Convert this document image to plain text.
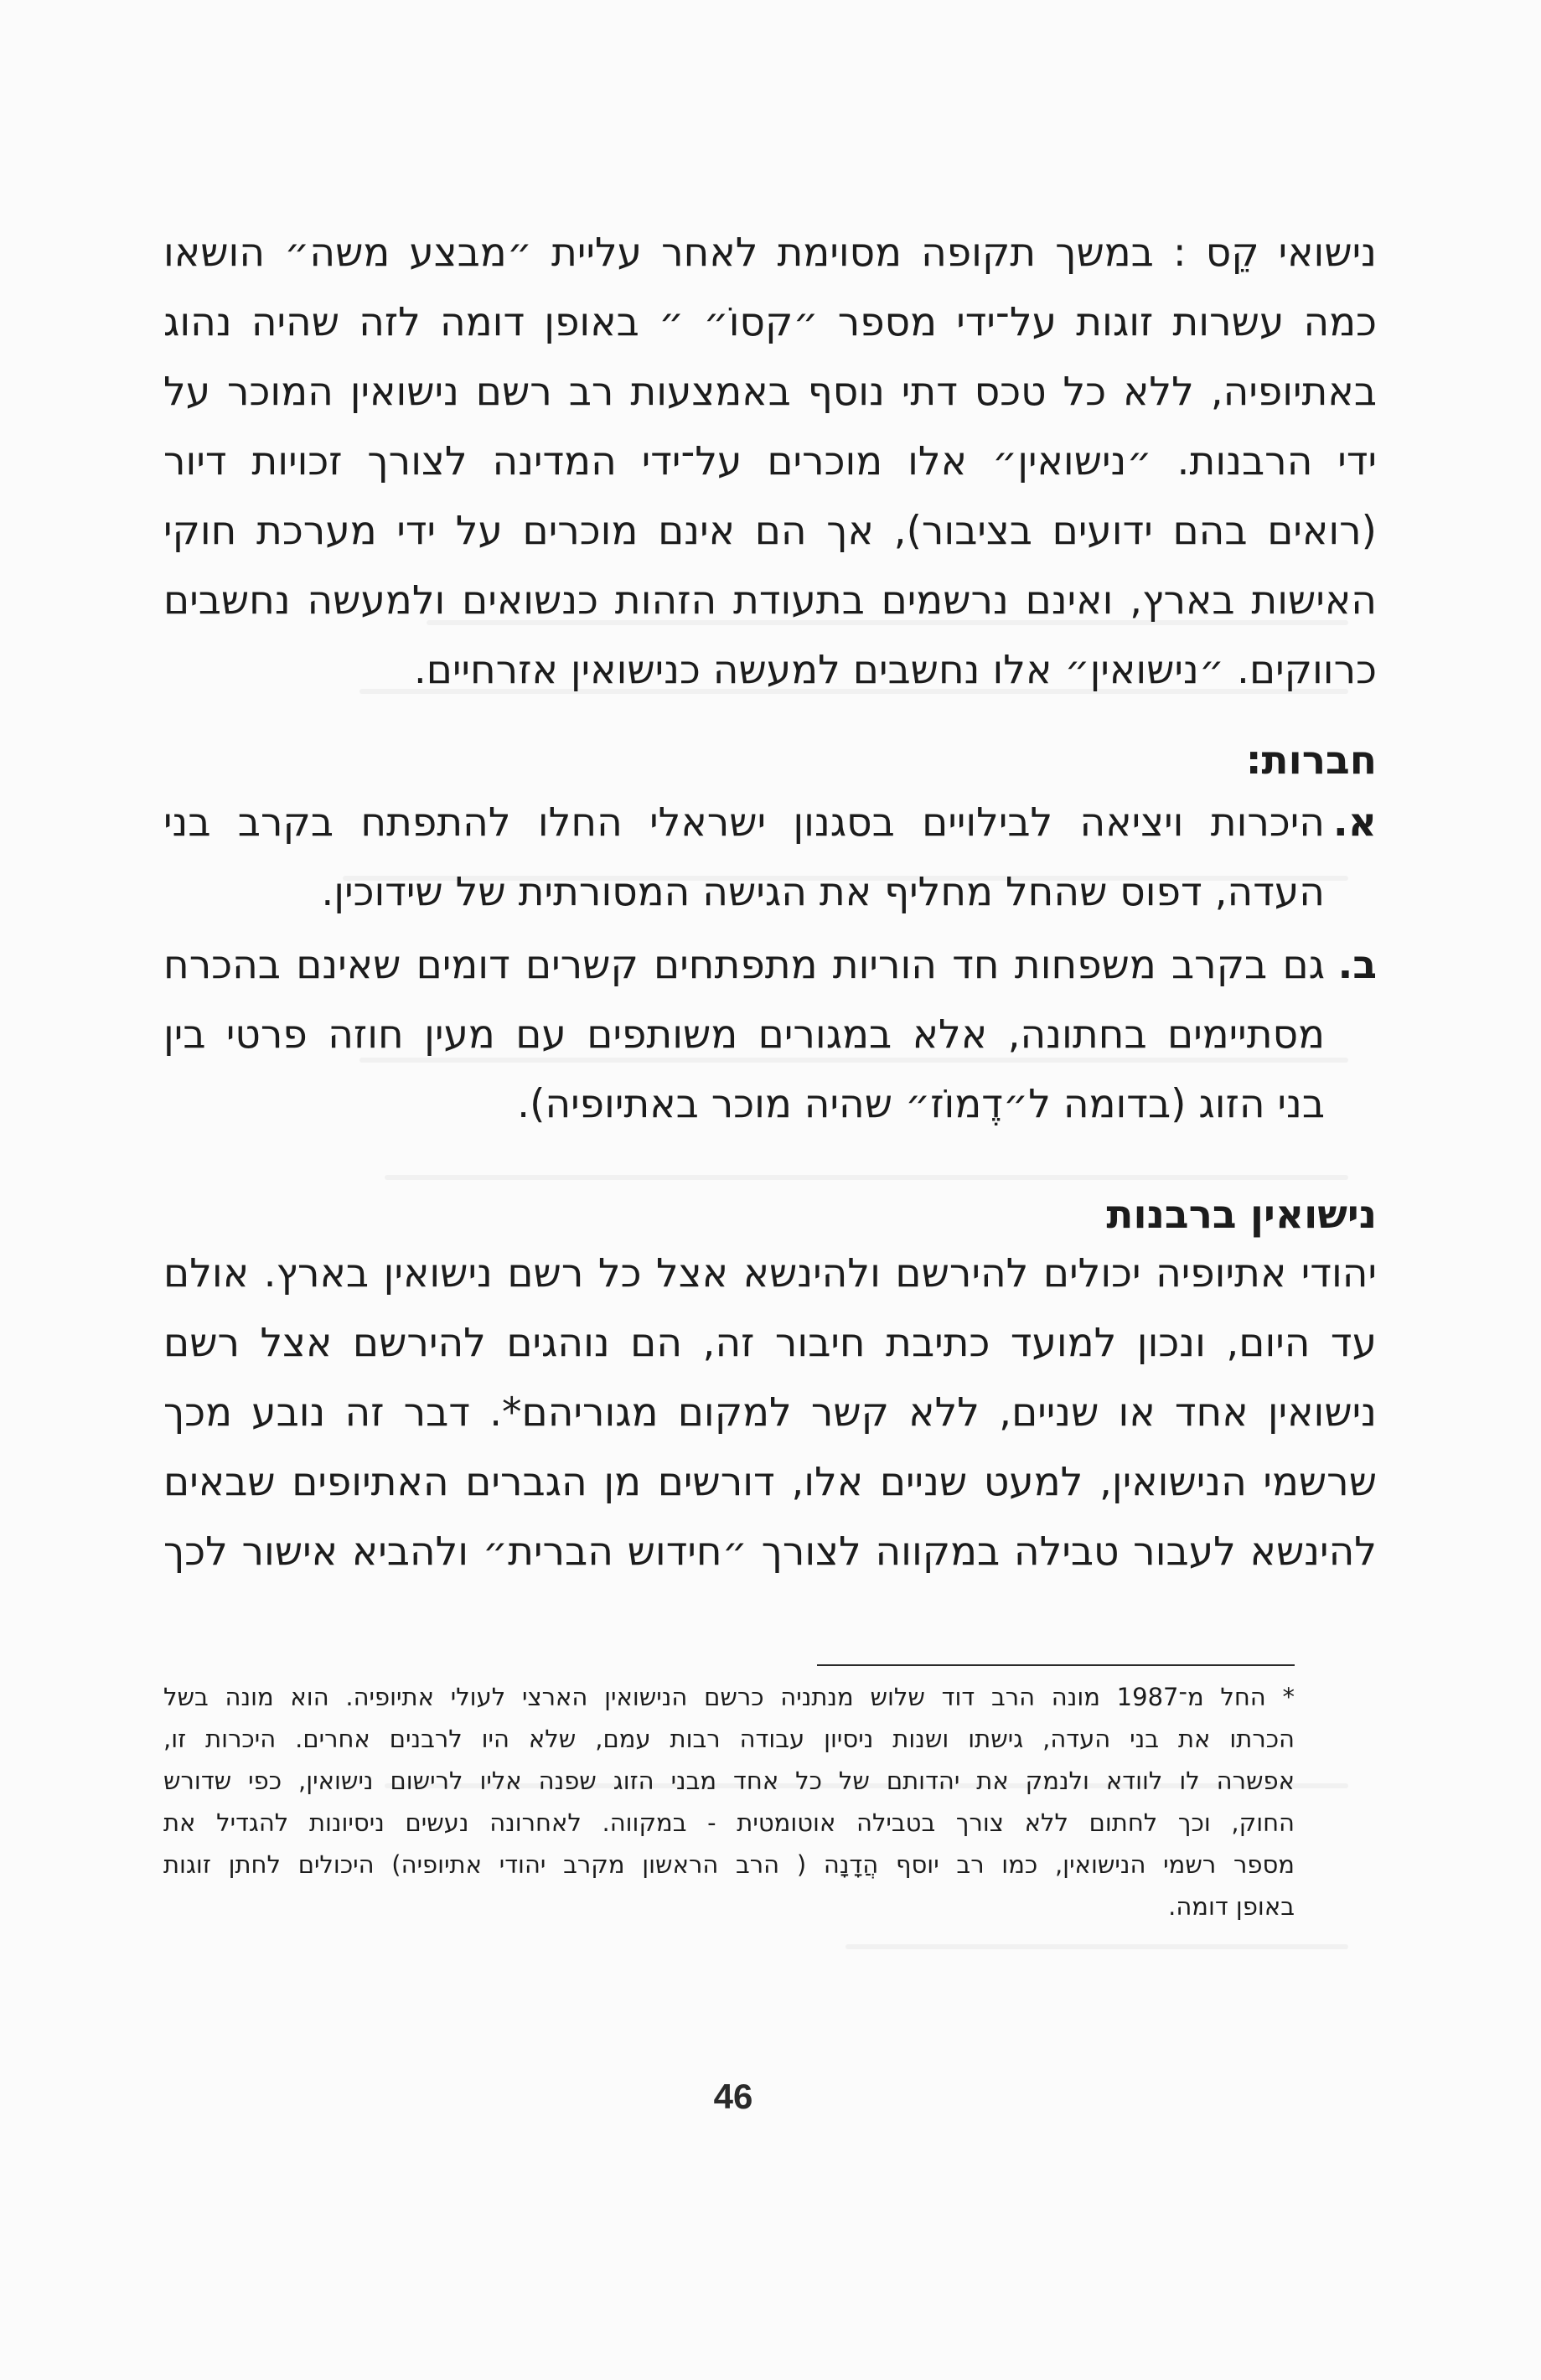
נישואי קֵס : במשך תקופה מסוימת לאחר עליית ״מבצע משה״ הושאו
כמה עשרות זוגות על־ידי מספר ״קסוֹ״ ״ באופן דומה לזה שהיה נהוג
באתיופיה, ללא כל טכס דתי נוסף באמצעות רב רשם נישואין המוכר על
ידי הרבנות. ״נישואין״ אלו מוכרים על־ידי המדינה לצורך זכויות דיור
(רואים בהם ידועים בציבור), אך הם אינם מוכרים על ידי מערכת חוקי
האישות בארץ, ואינם נרשמים בתעודת הזהות כנשואים ולמעשה נחשבים
כרווקים. ״נישואין״ אלו נחשבים למעשה כנישואין אזרחיים.
חברות:
א.
היכרות ויציאה לבילויים בסגנון ישראלי החלו להתפתח בקרב בני
העדה, דפוס שהחל מחליף את הגישה המסורתית של שידוכין.
ב.
גם בקרב משפחות חד הוריות מתפתחים קשרים דומים שאינם בהכרח
מסתיימים בחתונה, אלא במגורים משותפים עם מעין חוזה פרטי בין
בני הזוג (בדומה ל״דֶמוֹז״ שהיה מוכר באתיופיה).
נישואין ברבנות
יהודי אתיופיה יכולים להירשם ולהינשא אצל כל רשם נישואין בארץ. אולם
עד היום, ונכון למועד כתיבת חיבור זה, הם נוהגים להירשם אצל רשם
נישואין אחד או שניים, ללא קשר למקום מגוריהם*. דבר זה נובע מכך
שרשמי הנישואין, למעט שניים אלו, דורשים מן הגברים האתיופים שבאים
להינשא לעבור טבילה במקווה לצורך ״חידוש הברית״ ולהביא אישור לכך
* החל מ־1987 מונה הרב דוד שלוש מנתניה כרשם הנישואין הארצי לעולי אתיופיה. הוא מונה בשל
הכרתו את בני העדה, גישתו ושנות ניסיון עבודה רבות עמם, שלא היו לרבנים אחרים. היכרות זו,
אפשרה לו לוודא ולנמק את יהדותם של כל אחד מבני הזוג שפנה אליו לרישום נישואין, כפי שדורש
החוק, וכך לחתום ללא צורך בטבילה אוטומטית - במקווה. לאחרונה נעשים ניסיונות להגדיל את
מספר רשמי הנישואין, כמו רב יוסף הֲדָנָה ( הרב הראשון מקרב יהודי אתיופיה) היכולים לחתן זוגות
באופן דומה.
46
